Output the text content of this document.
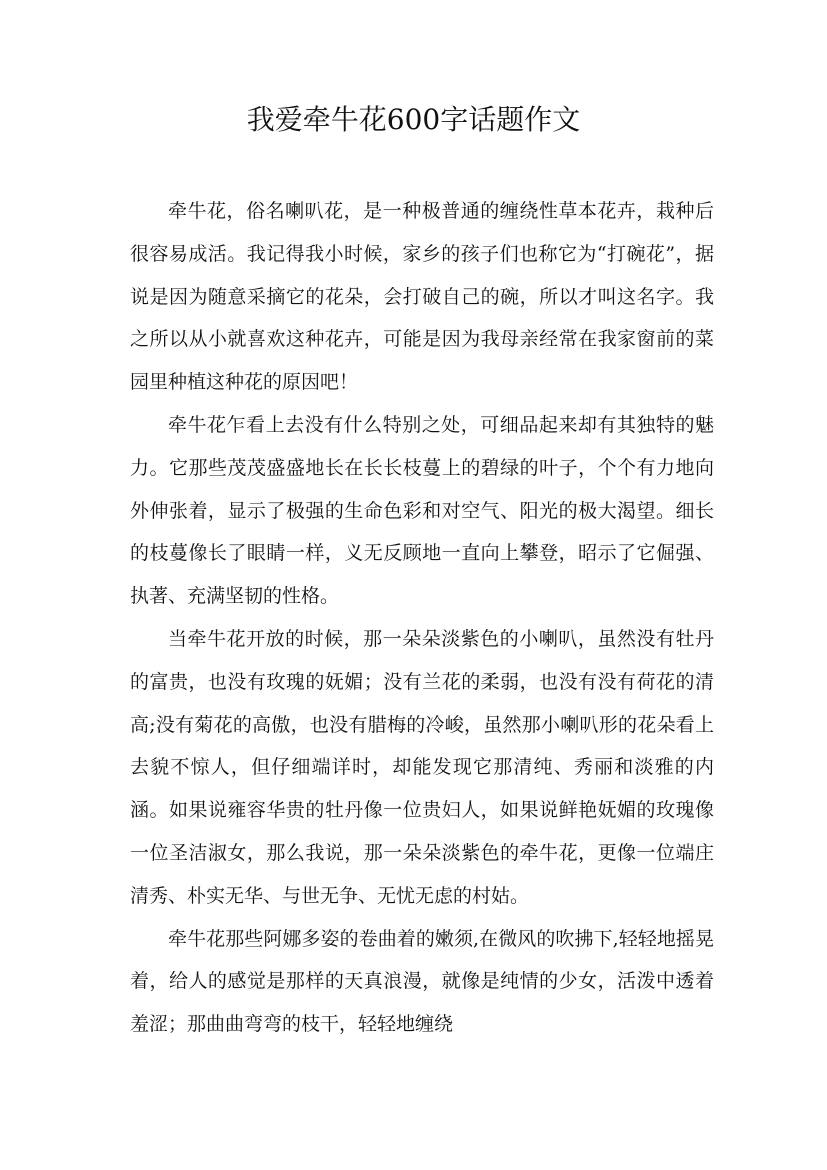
我爱牵牛花600字话题作文

牵牛花，俗名喇叭花，是一种极普通的缠绕性草本花卉，栽种后很容易成活。我记得我小时候，家乡的孩子们也称它为“打碗花”，据说是因为随意采摘它的花朵，会打破自己的碗，所以才叫这名字。我之所以从小就喜欢这种花卉，可能是因为我母亲经常在我家窗前的菜园里种植这种花的原因吧！

牵牛花乍看上去没有什么特别之处，可细品起来却有其独特的魅力。它那些茂茂盛盛地长在长长枝蔓上的碧绿的叶子，个个有力地向外伸张着，显示了极强的生命色彩和对空气、阳光的极大渴望。细长的枝蔓像长了眼睛一样，义无反顾地一直向上攀登，昭示了它倔强、执著、充满坚韧的性格。

当牵牛花开放的时候，那一朵朵淡紫色的小喇叭，虽然没有牡丹的富贵，也没有玫瑰的妩媚；没有兰花的柔弱，也没有没有荷花的清高;没有菊花的高傲，也没有腊梅的冷峻，虽然那小喇叭形的花朵看上去貌不惊人，但仔细端详时，却能发现它那清纯、秀丽和淡雅的内涵。如果说雍容华贵的牡丹像一位贵妇人，如果说鲜艳妩媚的玫瑰像一位圣洁淑女，那么我说，那一朵朵淡紫色的牵牛花，更像一位端庄清秀、朴实无华、与世无争、无忧无虑的村姑。

牵牛花那些阿娜多姿的卷曲着的嫩须,在微风的吹拂下,轻轻地摇晃着，给人的感觉是那样的天真浪漫，就像是纯情的少女，活泼中透着羞涩；那曲曲弯弯的枝干，轻轻地缠绕
